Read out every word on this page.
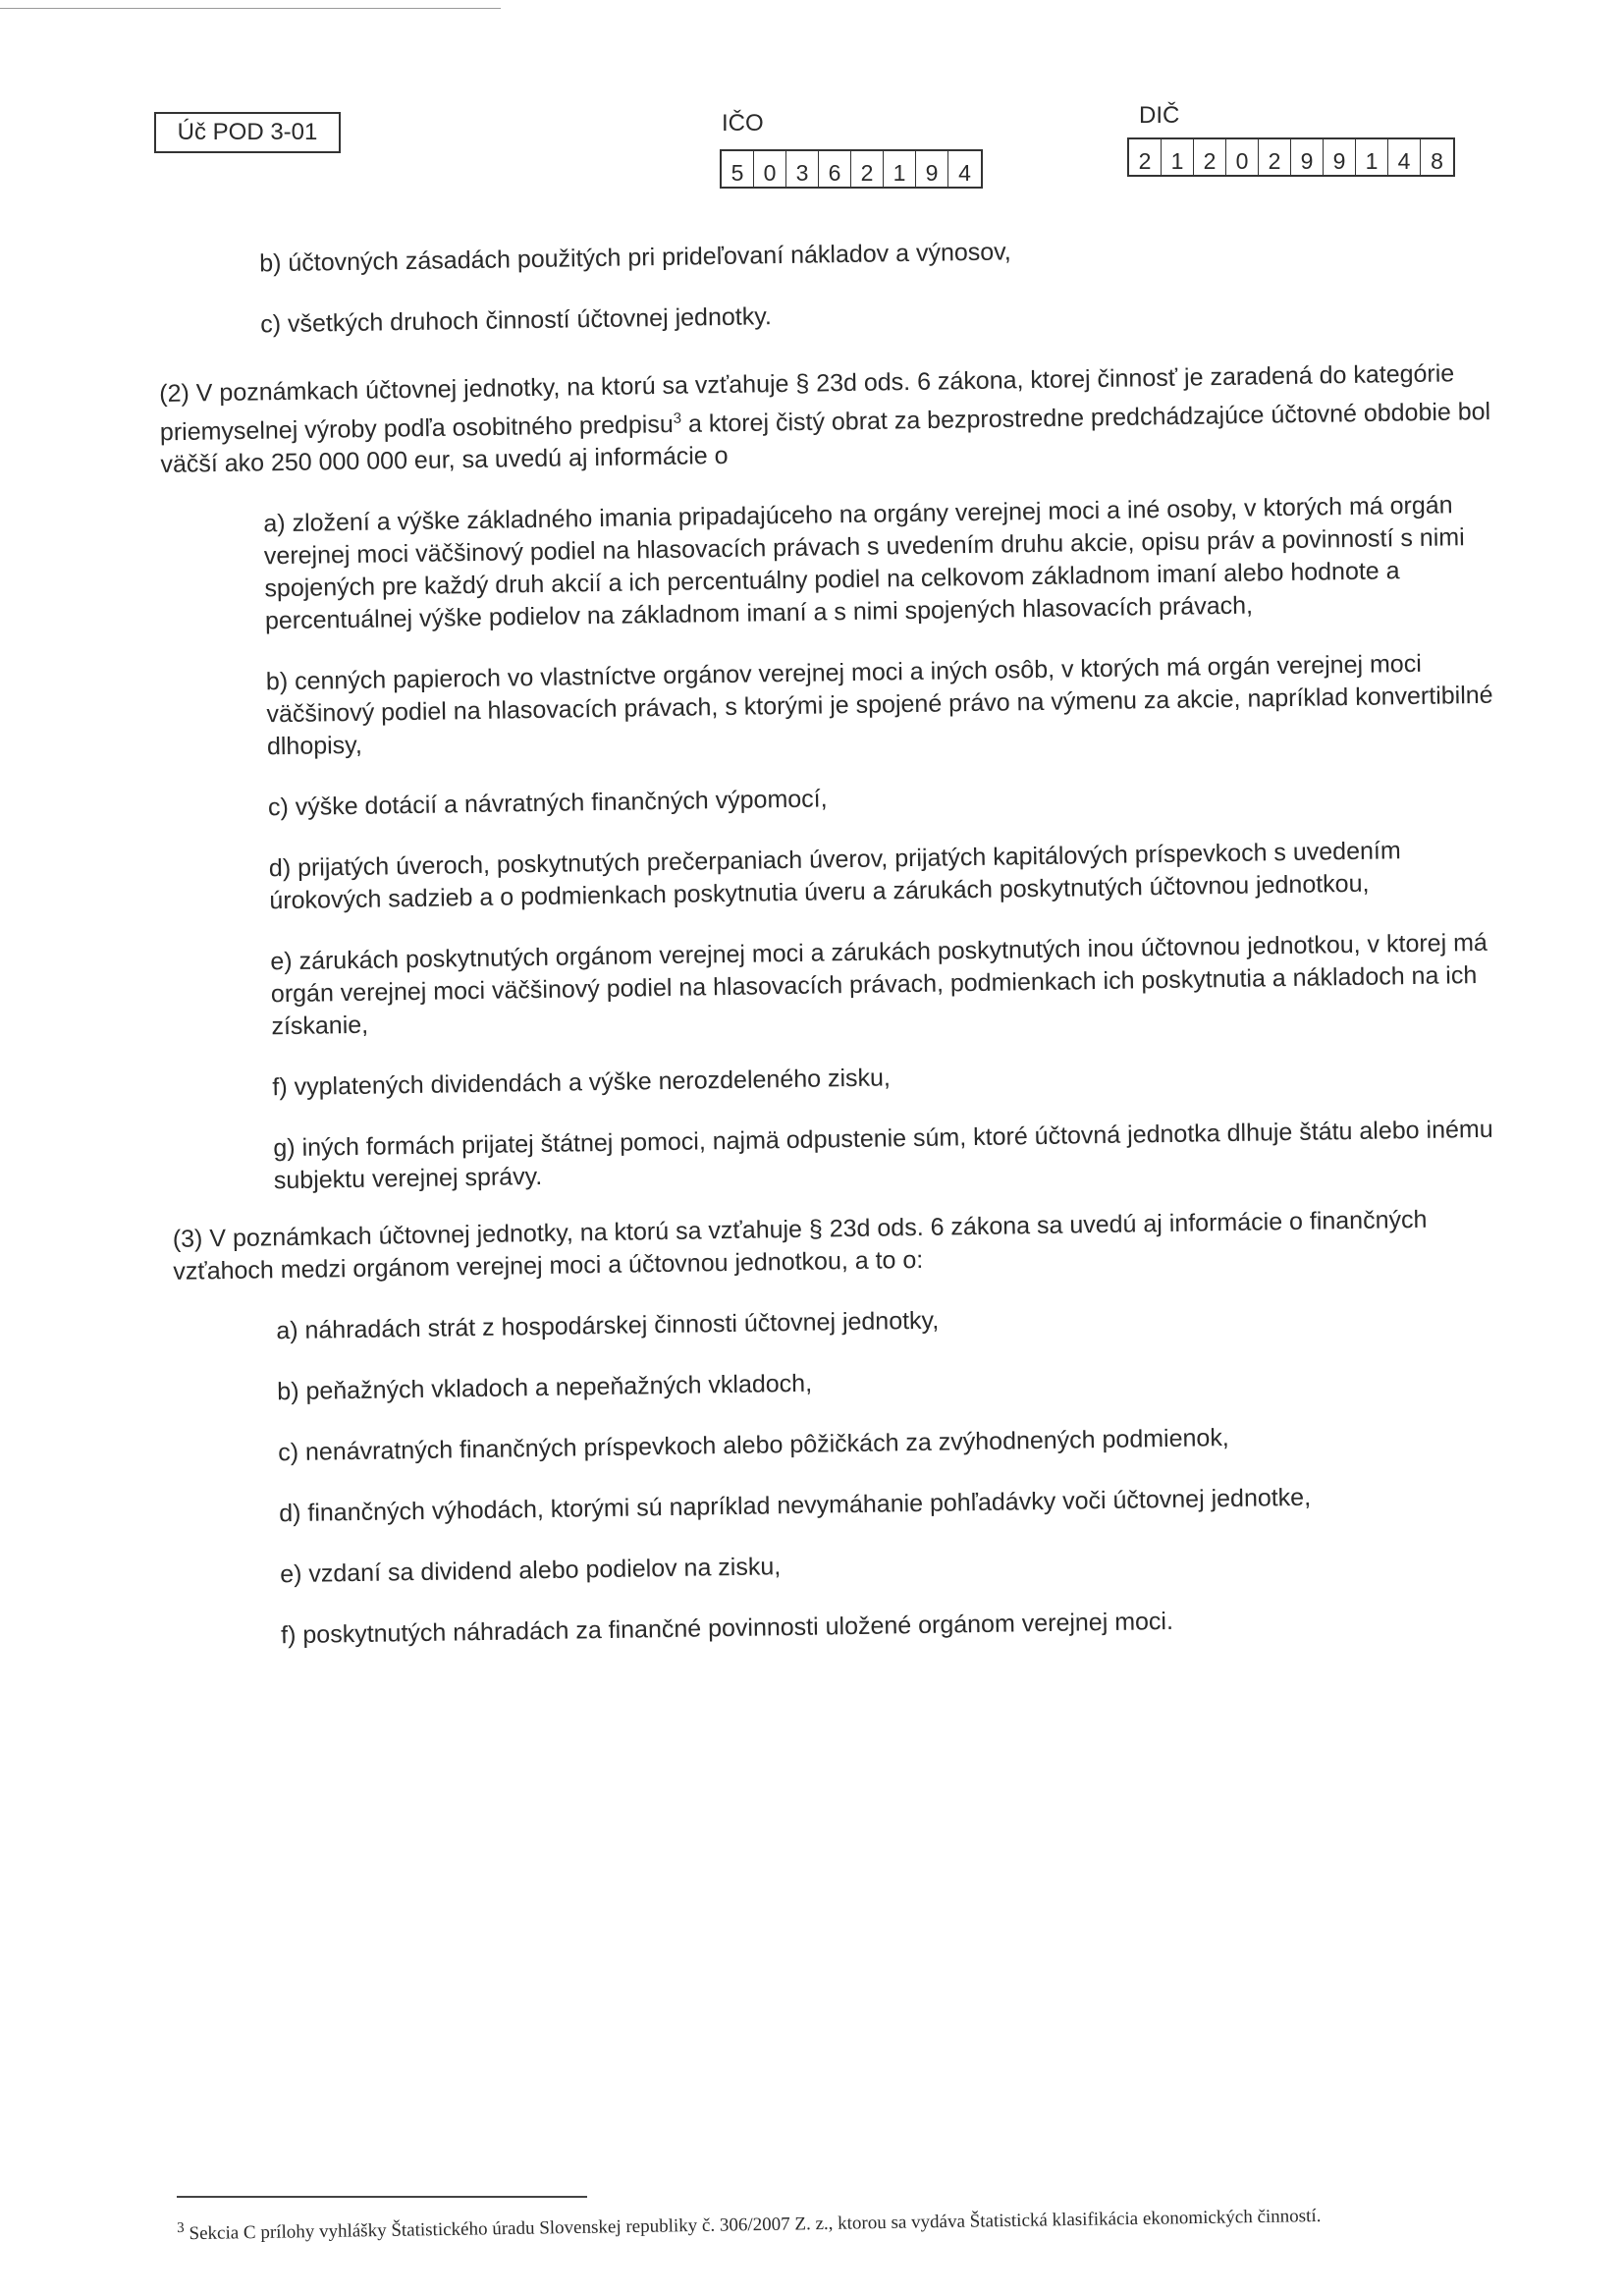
Úč POD 3-01	IČO
5 0 3 6 2 1 9 4
DIČ
2 1 2 0 2 9 9 1 4 8

b) účtovných zásadách použitých pri prideľovaní nákladov a výnosov,

c) všetkých druhoch činností účtovnej jednotky.

(2) V poznámkach účtovnej jednotky, na ktorú sa vzťahuje § 23d ods. 6 zákona, ktorej činnosť je zaradená do kategórie priemyselnej výroby podľa osobitného predpisu$^3$ a ktorej čistý obrat za bezprostredne predchádzajúce účtovné obdobie bol väčší ako 250 000 000 eur, sa uvedú aj informácie o

a) zložení a výške základného imania pripadajúceho na orgány verejnej moci a iné osoby, v ktorých má orgán verejnej moci väčšinový podiel na hlasovacích právach s uvedením druhu akcie, opisu práv a povinností s nimi spojených pre každý druh akcií a ich percentuálny podiel na celkovom základnom imaní alebo hodnote a percentuálnej výške podielov na základnom imaní a s nimi spojených hlasovacích právach,

b) cenných papieroch vo vlastníctve orgánov verejnej moci a iných osôb, v ktorých má orgán verejnej moci väčšinový podiel na hlasovacích právach, s ktorými je spojené právo na výmenu za akcie, napríklad konvertibilné dlhopisy,

c) výške dotácií a návratných finančných výpomocí,

d) prijatých úveroch, poskytnutých prečerpaniach úverov, prijatých kapitálových príspevkoch s uvedením úrokových sadzieb a o podmienkach poskytnutia úveru a zárukách poskytnutých účtovnou jednotkou,

e) zárukách poskytnutých orgánom verejnej moci a zárukách poskytnutých inou účtovnou jednotkou, v ktorej má orgán verejnej moci väčšinový podiel na hlasovacích právach, podmienkach ich poskytnutia a nákladoch na ich získanie,

f) vyplatených dividendách a výške nerozdeleného zisku,

g) iných formách prijatej štátnej pomoci, najmä odpustenie súm, ktoré účtovná jednotka dlhuje štátu alebo inému subjektu verejnej správy.

(3) V poznámkach účtovnej jednotky, na ktorú sa vzťahuje § 23d ods. 6 zákona sa uvedú aj informácie o finančných vzťahoch medzi orgánom verejnej moci a účtovnou jednotkou, a to o:

a) náhradách strát z hospodárskej činnosti účtovnej jednotky,

b) peňažných vkladoch a nepeňažných vkladoch,

c) nenávratných finančných príspevkoch alebo pôžičkách za zvýhodnených podmienok,

d) finančných výhodách, ktorými sú napríklad nevymáhanie pohľadávky voči účtovnej jednotke,

e) vzdaní sa dividend alebo podielov na zisku,

f) poskytnutých náhradách za finančné povinnosti uložené orgánom verejnej moci.

$^3$ Sekcia C prílohy vyhlášky Štatistického úradu Slovenskej republiky č. 306/2007 Z. z., ktorou sa vydáva Štatistická klasifikácia ekonomických činností.
